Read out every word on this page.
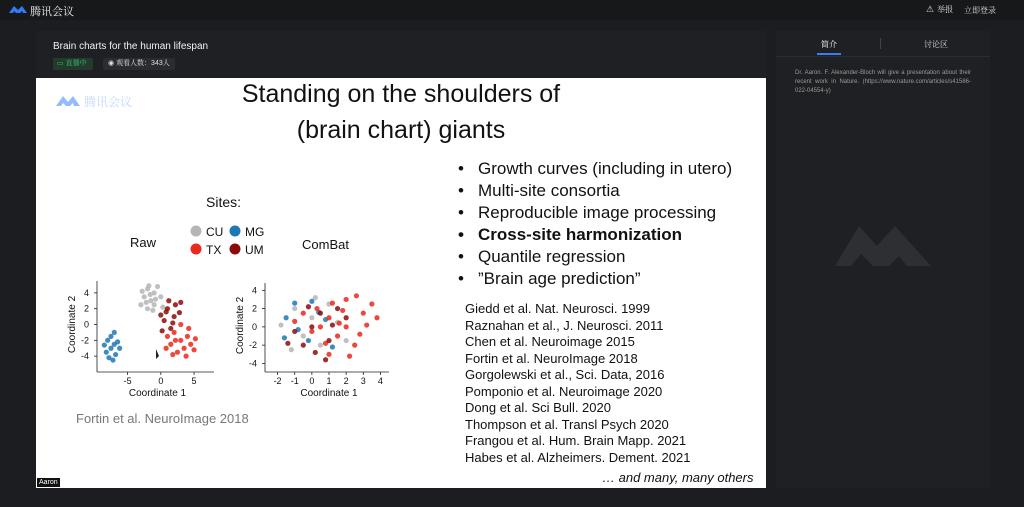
腾讯会议	⚠ 举报 立即登录
Brain charts for the human lifespan
▭ 直播中	◉ 观看人数：343人
腾讯会议	Standing on the shoulders of
(brain chart) giants
Sites:
CU MG
TX UM
Raw	ComBat
-5	0	5
4
2
0
-2
-4
Coordinate 1
Coordinate 2
-2 -1 0 1 2 3 4
4
2
0
-2
-4
Coordinate 1
Coordinate 2
• Growth curves (including in utero)
• Multi-site consortia
• Reproducible image processing
• Cross-site harmonization
• Quantile regression
• ”Brain age prediction”
Giedd et al. Nat. Neurosci. 1999
Raznahan et al., J. Neurosci. 2011
Chen et al. Neuroimage 2015
Fortin et al. NeuroImage 2018
Gorgolewski et al., Sci. Data, 2016
Pomponio et al. Neuroimage 2020
Dong et al. Sci Bull. 2020
Thompson et al. Transl Psych 2020
Frangou et al. Hum. Brain Mapp. 2021
Habes et al. Alzheimers. Dement. 2021
… and many, many others
Fortin et al. NeuroImage 2018
Aaron
简介	讨论区
Dr. Aaron. F. Alexander-Bloch will give a presentation about their recent work in Nature. (https://www.nature.com/articles/s41586-022-04554-y)
